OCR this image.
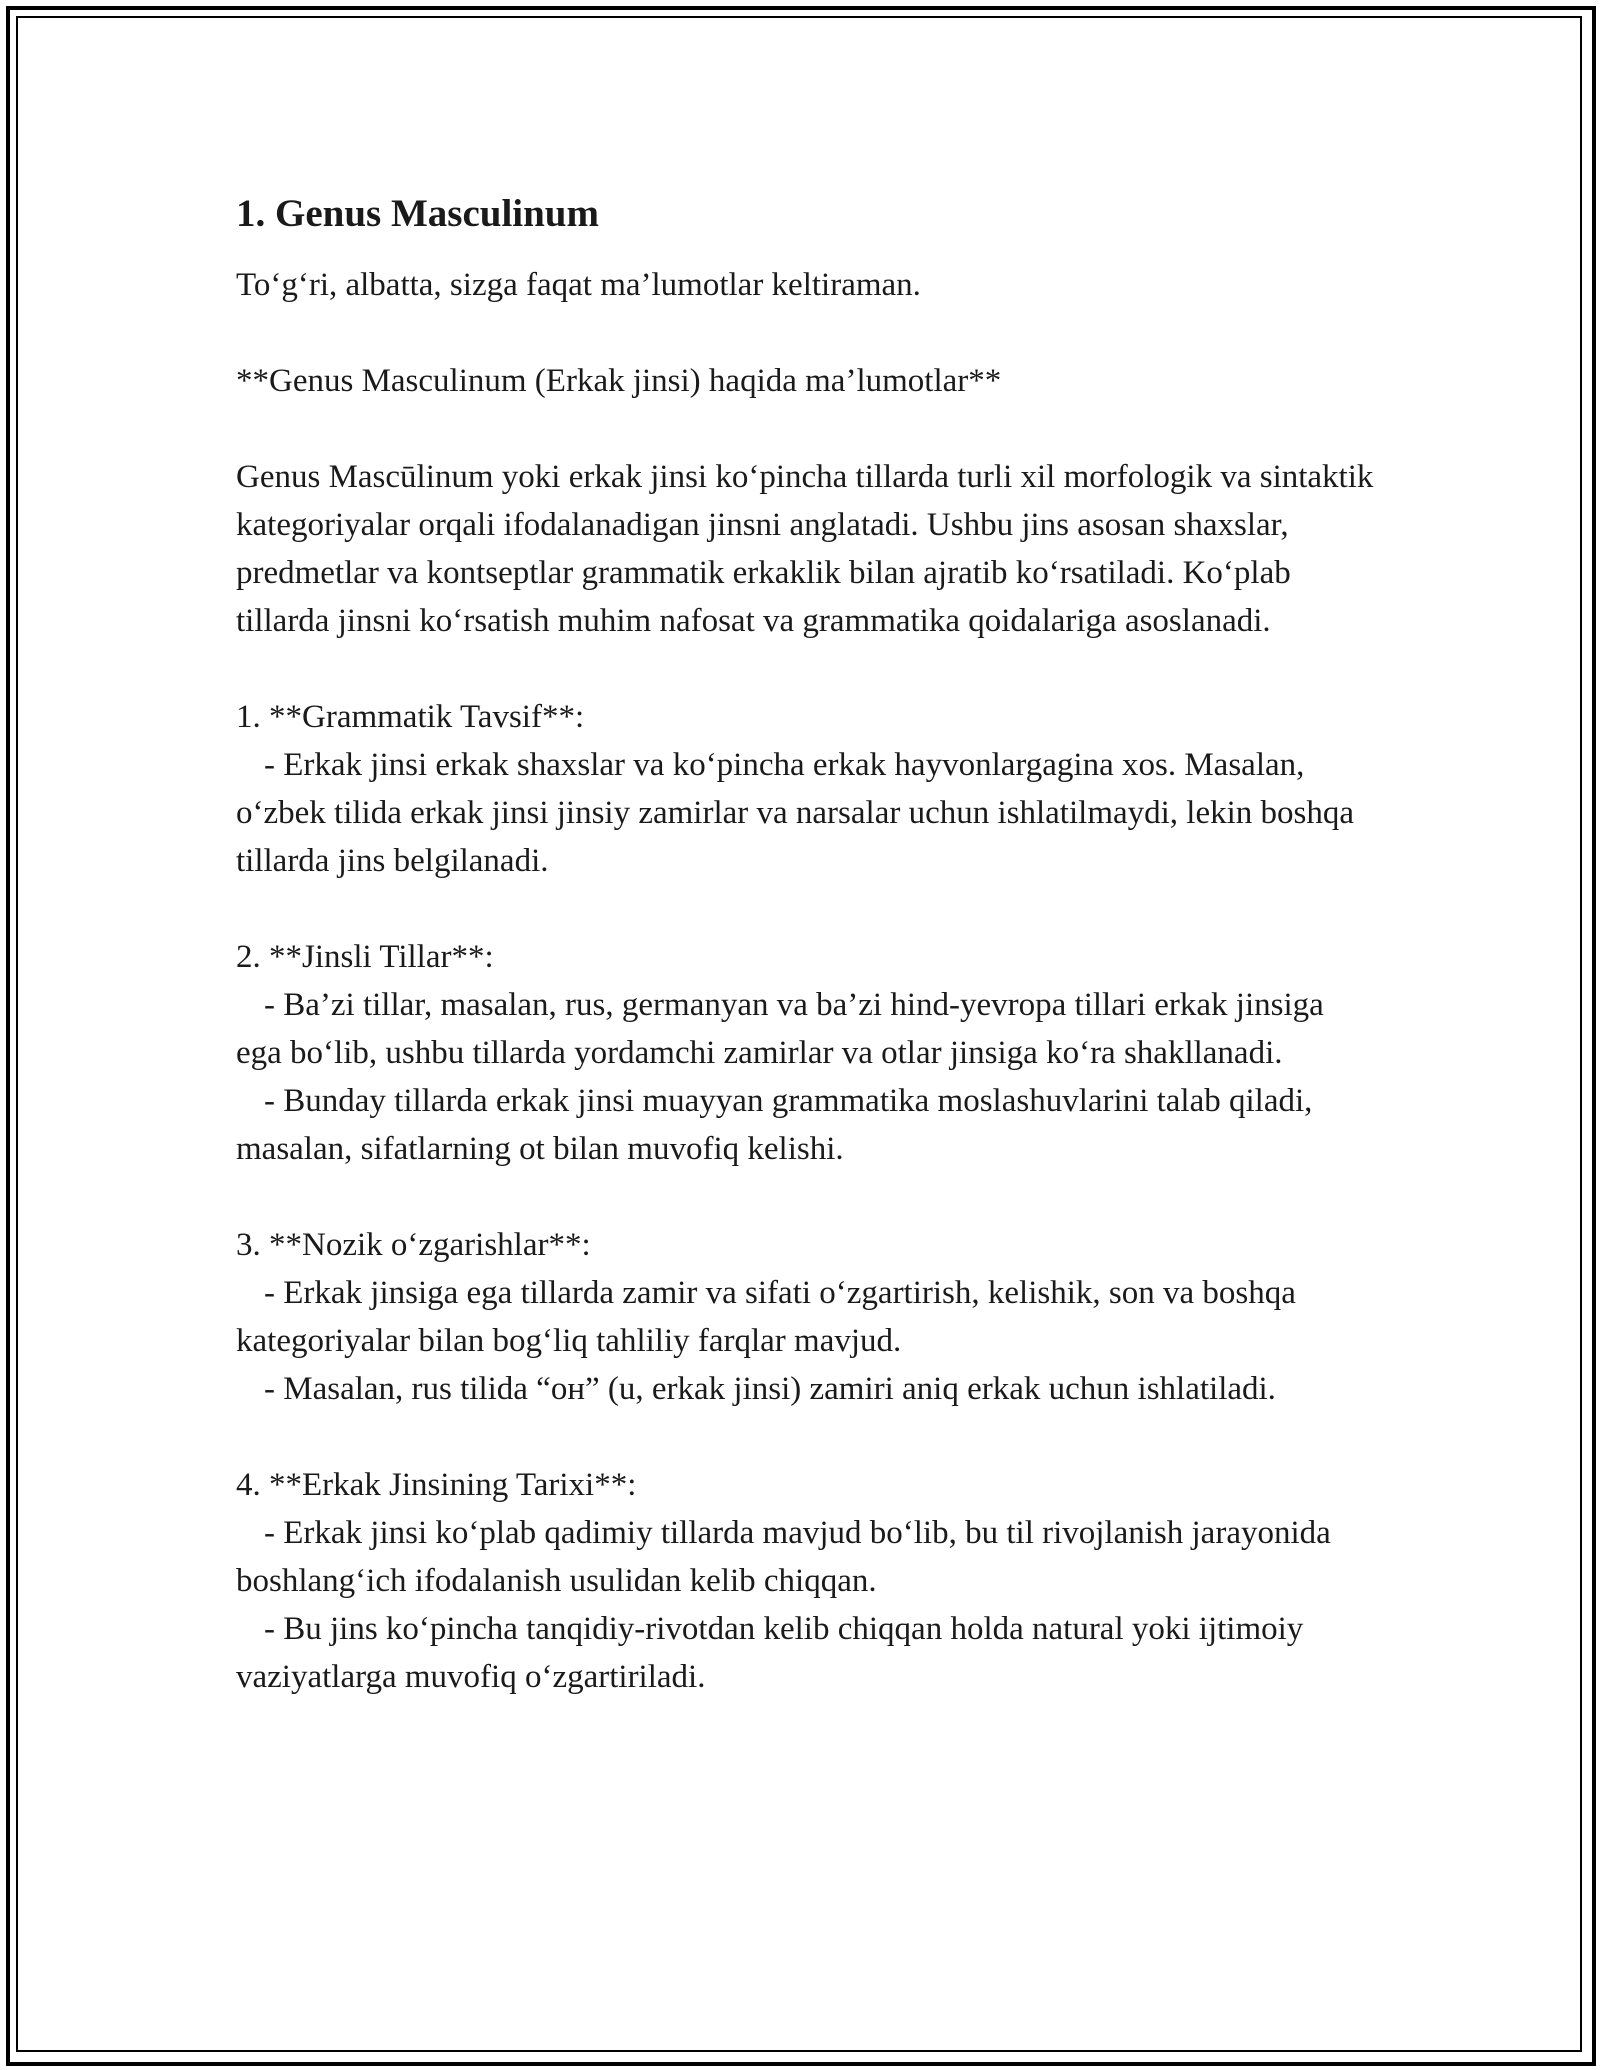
1. Genus Masculinum

To‘g‘ri, albatta, sizga faqat ma’lumotlar keltiraman.

**Genus Masculinum (Erkak jinsi) haqida ma’lumotlar**

Genus Mascūlinum yoki erkak jinsi ko‘pincha tillarda turli xil morfologik va sintaktik kategoriyalar orqali ifodalanadigan jinsni anglatadi. Ushbu jins asosan shaxslar, predmetlar va kontseptlar grammatik erkaklik bilan ajratib ko‘rsatiladi. Ko‘plab tillarda jinsni ko‘rsatish muhim nafosat va grammatika qoidalariga asoslanadi.

1. **Grammatik Tavsif**:
- Erkak jinsi erkak shaxslar va ko‘pincha erkak hayvonlargagina xos. Masalan, o‘zbek tilida erkak jinsi jinsiy zamirlar va narsalar uchun ishlatilmaydi, lekin boshqa tillarda jins belgilanadi.
2. **Jinsli Tillar**:
- Ba’zi tillar, masalan, rus, germanyan va ba’zi hind-yevropa tillari erkak jinsiga ega bo‘lib, ushbu tillarda yordamchi zamirlar va otlar jinsiga ko‘ra shakllanadi.
- Bunday tillarda erkak jinsi muayyan grammatika moslashuvlarini talab qiladi, masalan, sifatlarning ot bilan muvofiq kelishi.
3. **Nozik o‘zgarishlar**:
- Erkak jinsiga ega tillarda zamir va sifati o‘zgartirish, kelishik, son va boshqa kategoriyalar bilan bog‘liq tahliliy farqlar mavjud.
- Masalan, rus tilida “он” (u, erkak jinsi) zamiri aniq erkak uchun ishlatiladi.
4. **Erkak Jinsining Tarixi**:
- Erkak jinsi ko‘plab qadimiy tillarda mavjud bo‘lib, bu til rivojlanish jarayonida boshlang‘ich ifodalanish usulidan kelib chiqqan.
- Bu jins ko‘pincha tanqidiy-rivotdan kelib chiqqan holda natural yoki ijtimoiy vaziyatlarga muvofiq o‘zgartiriladi.
